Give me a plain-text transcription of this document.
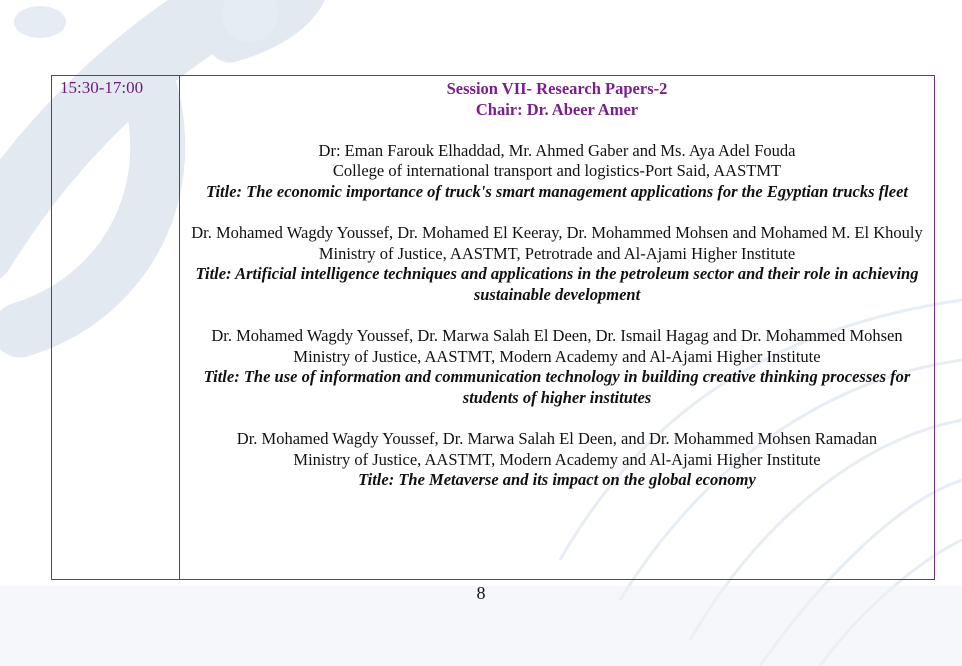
15:30-17:00	Session VII- Research Papers-2
Chair: Dr. Abeer Amer
Dr: Eman Farouk Elhaddad, Mr. Ahmed Gaber and Ms. Aya Adel Fouda
College of international transport and logistics-Port Said, AASTMT
Title: The economic importance of truck's smart management applications for the Egyptian trucks fleet
Dr. Mohamed Wagdy Youssef, Dr. Mohamed El Keeray, Dr. Mohammed Mohsen and Mohamed M. El Khouly
Ministry of Justice, AASTMT, Petrotrade and Al-Ajami Higher Institute
Title: Artificial intelligence techniques and applications in the petroleum sector and their role in achieving sustainable development
Dr. Mohamed Wagdy Youssef, Dr. Marwa Salah El Deen, Dr. Ismail Hagag and Dr. Mohammed Mohsen
Ministry of Justice, AASTMT, Modern Academy and Al-Ajami Higher Institute
Title: The use of information and communication technology in building creative thinking processes for students of higher institutes
Dr. Mohamed Wagdy Youssef, Dr. Marwa Salah El Deen, and Dr. Mohammed Mohsen Ramadan
Ministry of Justice, AASTMT, Modern Academy and Al-Ajami Higher Institute
Title: The Metaverse and its impact on the global economy
8
